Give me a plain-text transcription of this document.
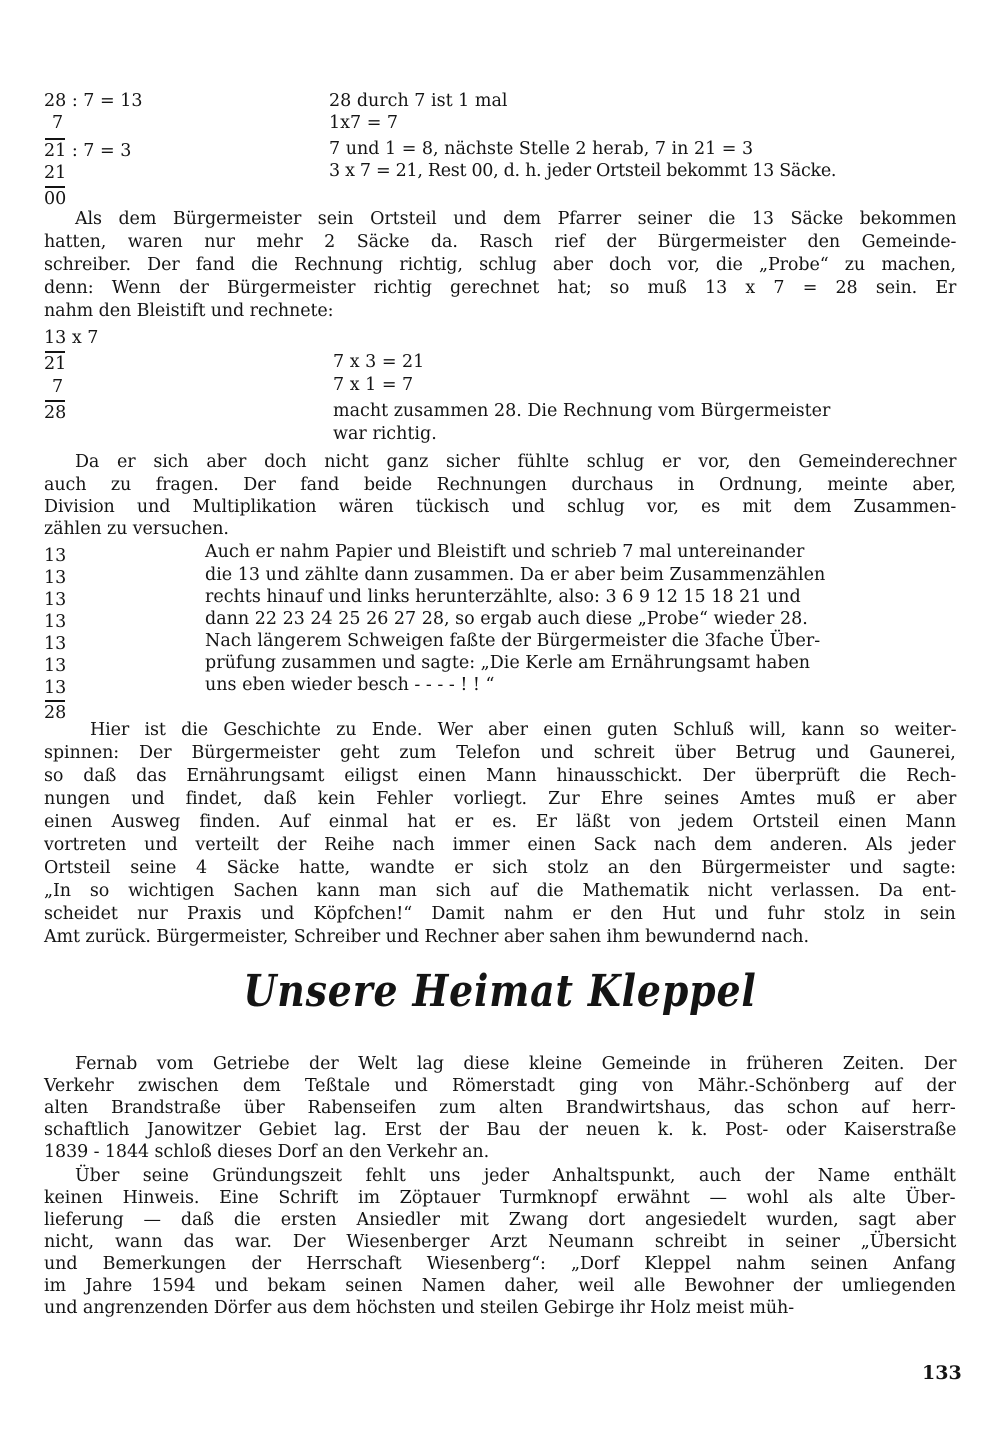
28 : 7 = 13
7
21 : 7 = 3
21
00
28 durch 7 ist 1 mal
1x7 = 7
7 und 1 = 8, nächste Stelle 2 herab, 7 in 21 = 3
3 x 7 = 21, Rest 00, d. h. jeder Ortsteil bekommt 13 Säcke.
Als dem Bürgermeister sein Ortsteil und dem Pfarrer seiner die 13 Säcke bekommen
hatten, waren nur mehr 2 Säcke da. Rasch rief der Bürgermeister den Gemeinde-
schreiber. Der fand die Rechnung richtig, schlug aber doch vor, die „Probe“ zu machen,
denn: Wenn der Bürgermeister richtig gerechnet hat; so muß 13 x 7 = 28 sein. Er
nahm den Bleistift und rechnete:
13 x 7
21
7
28
7 x 3 = 21
7 x 1 = 7
macht zusammen 28. Die Rechnung vom Bürgermeister
war richtig.
Da er sich aber doch nicht ganz sicher fühlte schlug er vor, den Gemeinderechner
auch zu fragen. Der fand beide Rechnungen durchaus in Ordnung, meinte aber,
Division und Multiplikation wären tückisch und schlug vor, es mit dem Zusammen-
zählen zu versuchen.
13
13
13
13
13
13
13
28
Auch er nahm Papier und Bleistift und schrieb 7 mal untereinander
die 13 und zählte dann zusammen. Da er aber beim Zusammenzählen
rechts hinauf und links herunterzählte, also: 3 6 9 12 15 18 21 und
dann 22 23 24 25 26 27 28, so ergab auch diese „Probe“ wieder 28.
Nach längerem Schweigen faßte der Bürgermeister die 3fache Über-
prüfung zusammen und sagte: „Die Kerle am Ernährungsamt haben
uns eben wieder besch - - - - ! ! “
Hier ist die Geschichte zu Ende. Wer aber einen guten Schluß will, kann so weiter-
spinnen: Der Bürgermeister geht zum Telefon und schreit über Betrug und Gaunerei,
so daß das Ernährungsamt eiligst einen Mann hinausschickt. Der überprüft die Rech-
nungen und findet, daß kein Fehler vorliegt. Zur Ehre seines Amtes muß er aber
einen Ausweg finden. Auf einmal hat er es. Er läßt von jedem Ortsteil einen Mann
vortreten und verteilt der Reihe nach immer einen Sack nach dem anderen. Als jeder
Ortsteil seine 4 Säcke hatte, wandte er sich stolz an den Bürgermeister und sagte:
„In so wichtigen Sachen kann man sich auf die Mathematik nicht verlassen. Da ent-
scheidet nur Praxis und Köpfchen!“ Damit nahm er den Hut und fuhr stolz in sein
Amt zurück. Bürgermeister, Schreiber und Rechner aber sahen ihm bewundernd nach.
Unsere Heimat Kleppel
Fernab vom Getriebe der Welt lag diese kleine Gemeinde in früheren Zeiten. Der
Verkehr zwischen dem Teßtale und Römerstadt ging von Mähr.-Schönberg auf der
alten Brandstraße über Rabenseifen zum alten Brandwirtshaus, das schon auf herr-
schaftlich Janowitzer Gebiet lag. Erst der Bau der neuen k. k. Post- oder Kaiserstraße
1839 - 1844 schloß dieses Dorf an den Verkehr an.
Über seine Gründungszeit fehlt uns jeder Anhaltspunkt, auch der Name enthält
keinen Hinweis. Eine Schrift im Zöptauer Turmknopf erwähnt — wohl als alte Über-
lieferung — daß die ersten Ansiedler mit Zwang dort angesiedelt wurden, sagt aber
nicht, wann das war. Der Wiesenberger Arzt Neumann schreibt in seiner „Übersicht
und Bemerkungen der Herrschaft Wiesenberg“: „Dorf Kleppel nahm seinen Anfang
im Jahre 1594 und bekam seinen Namen daher, weil alle Bewohner der umliegenden
und angrenzenden Dörfer aus dem höchsten und steilen Gebirge ihr Holz meist müh-
133
